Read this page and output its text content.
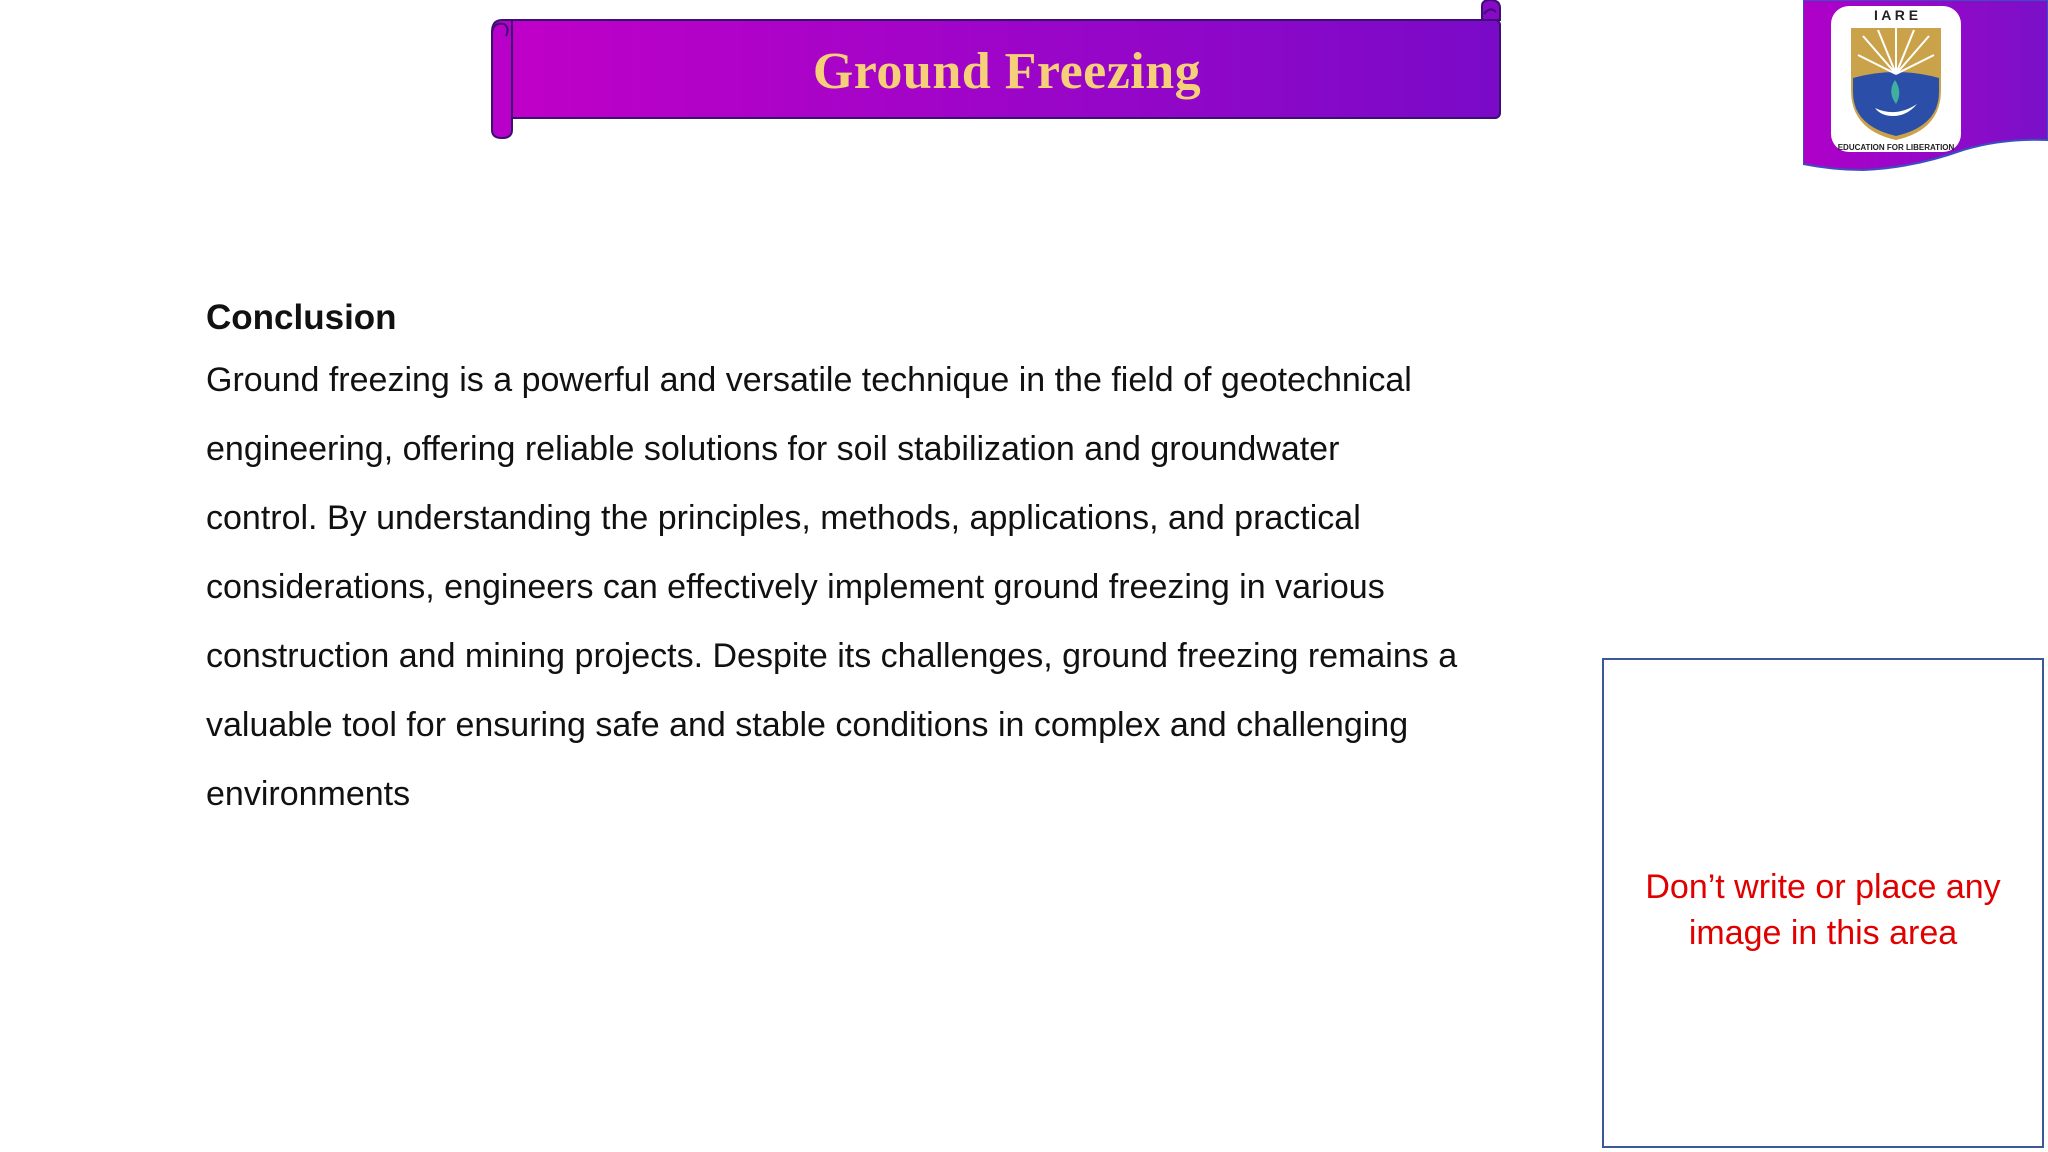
Ground Freezing
I A R E
EDUCATION FOR LIBERATION

Conclusion

Ground freezing is a powerful and versatile technique in the field of geotechnical
engineering, offering reliable solutions for soil stabilization and groundwater
control. By understanding the principles, methods, applications, and practical
considerations, engineers can effectively implement ground freezing in various
construction and mining projects. Despite its challenges, ground freezing remains a
valuable tool for ensuring safe and stable conditions in complex and challenging
environments

Don’t write or place any
image in this area
